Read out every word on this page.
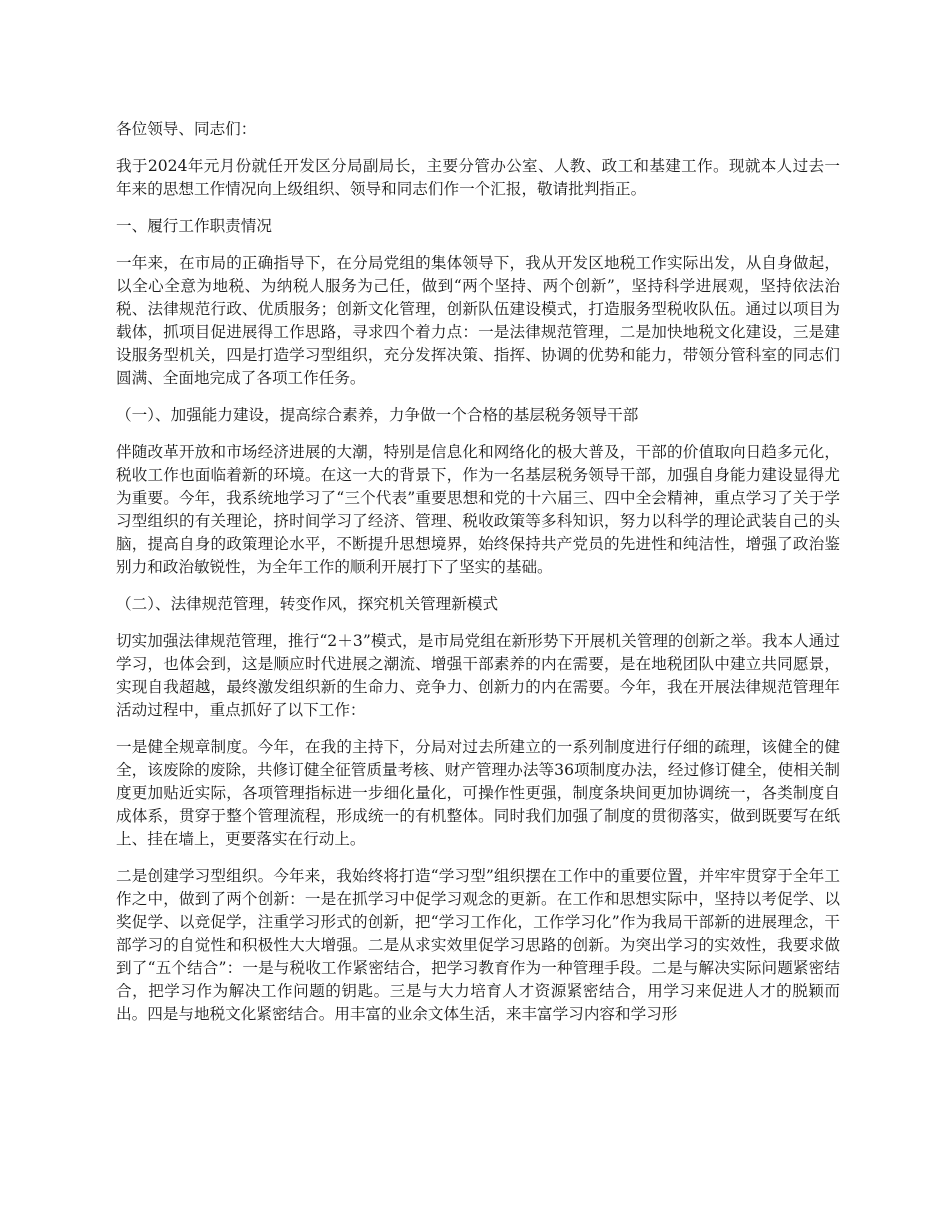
各位领导、同志们：

我于2024年元月份就任开发区分局副局长，主要分管办公室、人教、政工和基建工作。现就本人过去一年来的思想工作情况向上级组织、领导和同志们作一个汇报，敬请批判指正。

一、履行工作职责情况

一年来，在市局的正确指导下，在分局党组的集体领导下，我从开发区地税工作实际出发，从自身做起，以全心全意为地税、为纳税人服务为己任，做到“两个坚持、两个创新”，坚持科学进展观，坚持依法治税、法律规范行政、优质服务；创新文化管理，创新队伍建设模式，打造服务型税收队伍。通过以项目为载体，抓项目促进展得工作思路，寻求四个着力点：一是法律规范管理，二是加快地税文化建设，三是建设服务型机关，四是打造学习型组织，充分发挥决策、指挥、协调的优势和能力，带领分管科室的同志们圆满、全面地完成了各项工作任务。

（一）、加强能力建设，提高综合素养，力争做一个合格的基层税务领导干部

伴随改革开放和市场经济进展的大潮，特别是信息化和网络化的极大普及，干部的价值取向日趋多元化，税收工作也面临着新的环境。在这一大的背景下，作为一名基层税务领导干部，加强自身能力建设显得尤为重要。今年，我系统地学习了“三个代表”重要思想和党的十六届三、四中全会精神，重点学习了关于学习型组织的有关理论，挤时间学习了经济、管理、税收政策等多科知识，努力以科学的理论武装自己的头脑，提高自身的政策理论水平，不断提升思想境界，始终保持共产党员的先进性和纯洁性，增强了政治鉴别力和政治敏锐性，为全年工作的顺利开展打下了坚实的基础。

（二）、法律规范管理，转变作风，探究机关管理新模式

切实加强法律规范管理，推行“2＋3”模式，是市局党组在新形势下开展机关管理的创新之举。我本人通过学习，也体会到，这是顺应时代进展之潮流、增强干部素养的内在需要，是在地税团队中建立共同愿景，实现自我超越，最终激发组织新的生命力、竞争力、创新力的内在需要。今年，我在开展法律规范管理年活动过程中，重点抓好了以下工作：

一是健全规章制度。今年，在我的主持下，分局对过去所建立的一系列制度进行仔细的疏理，该健全的健全，该废除的废除，共修订健全征管质量考核、财产管理办法等36项制度办法，经过修订健全，使相关制度更加贴近实际，各项管理指标进一步细化量化，可操作性更强，制度条块间更加协调统一，各类制度自成体系，贯穿于整个管理流程，形成统一的有机整体。同时我们加强了制度的贯彻落实，做到既要写在纸上、挂在墙上，更要落实在行动上。

二是创建学习型组织。今年来，我始终将打造“学习型”组织摆在工作中的重要位置，并牢牢贯穿于全年工作之中，做到了两个创新：一是在抓学习中促学习观念的更新。在工作和思想实际中，坚持以考促学、以奖促学、以竞促学，注重学习形式的创新，把“学习工作化，工作学习化”作为我局干部新的进展理念，干部学习的自觉性和积极性大大增强。二是从求实效里促学习思路的创新。为突出学习的实效性，我要求做到了“五个结合”：一是与税收工作紧密结合，把学习教育作为一种管理手段。二是与解决实际问题紧密结合，把学习作为解决工作问题的钥匙。三是与大力培育人才资源紧密结合，用学习来促进人才的脱颖而出。四是与地税文化紧密结合。用丰富的业余文体生活，来丰富学习内容和学习形
